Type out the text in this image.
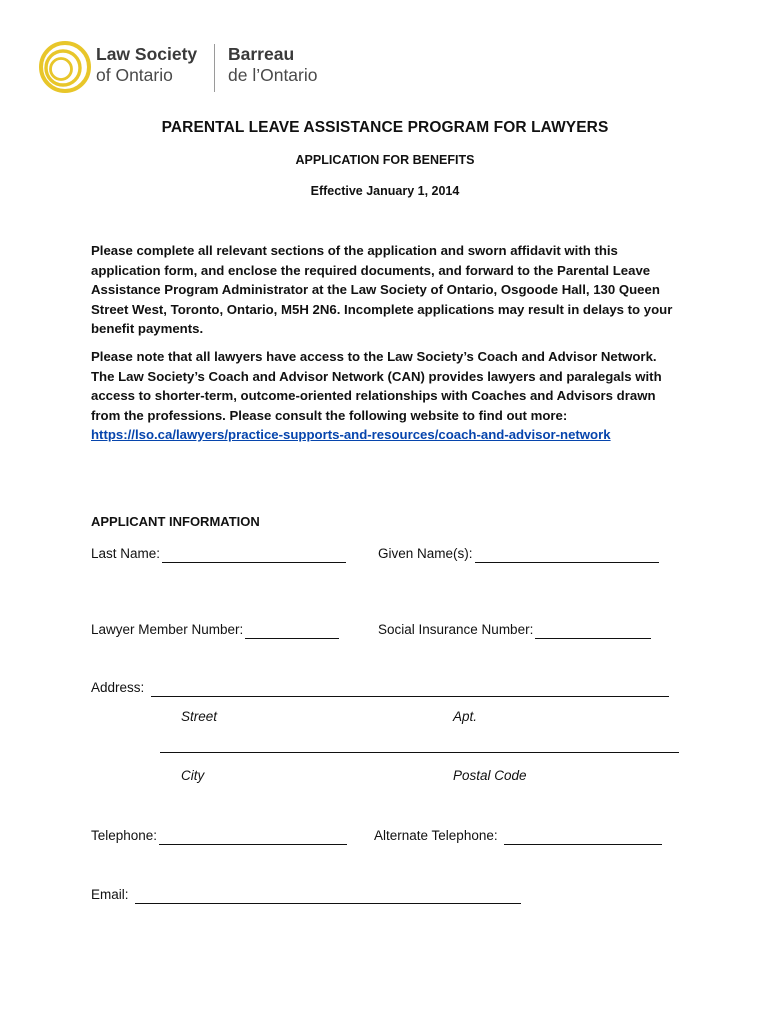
Law Society
of Ontario
Barreau
de l’Ontario
PARENTAL LEAVE ASSISTANCE PROGRAM FOR LAWYERS
APPLICATION FOR BENEFITS
Effective January 1, 2014
Please complete all relevant sections of the application and sworn affidavit with this application form, and enclose the required documents, and forward to the Parental Leave Assistance Program Administrator at the Law Society of Ontario, Osgoode Hall, 130 Queen Street West, Toronto, Ontario, M5H 2N6. Incomplete applications may result in delays to your benefit payments.
Please note that all lawyers have access to the Law Society’s Coach and Advisor Network. The Law Society’s Coach and Advisor Network (CAN) provides lawyers and paralegals with access to shorter-term, outcome-oriented relationships with Coaches and Advisors drawn from the professions. Please consult the following website to find out more: https://lso.ca/lawyers/practice-supports-and-resources/coach-and-advisor-network
APPLICANT INFORMATION
Last Name:	Given Name(s):
Lawyer Member Number:	Social Insurance Number:
Address:
Street	Apt.
City	Postal Code
Telephone:	Alternate Telephone:
Email:
